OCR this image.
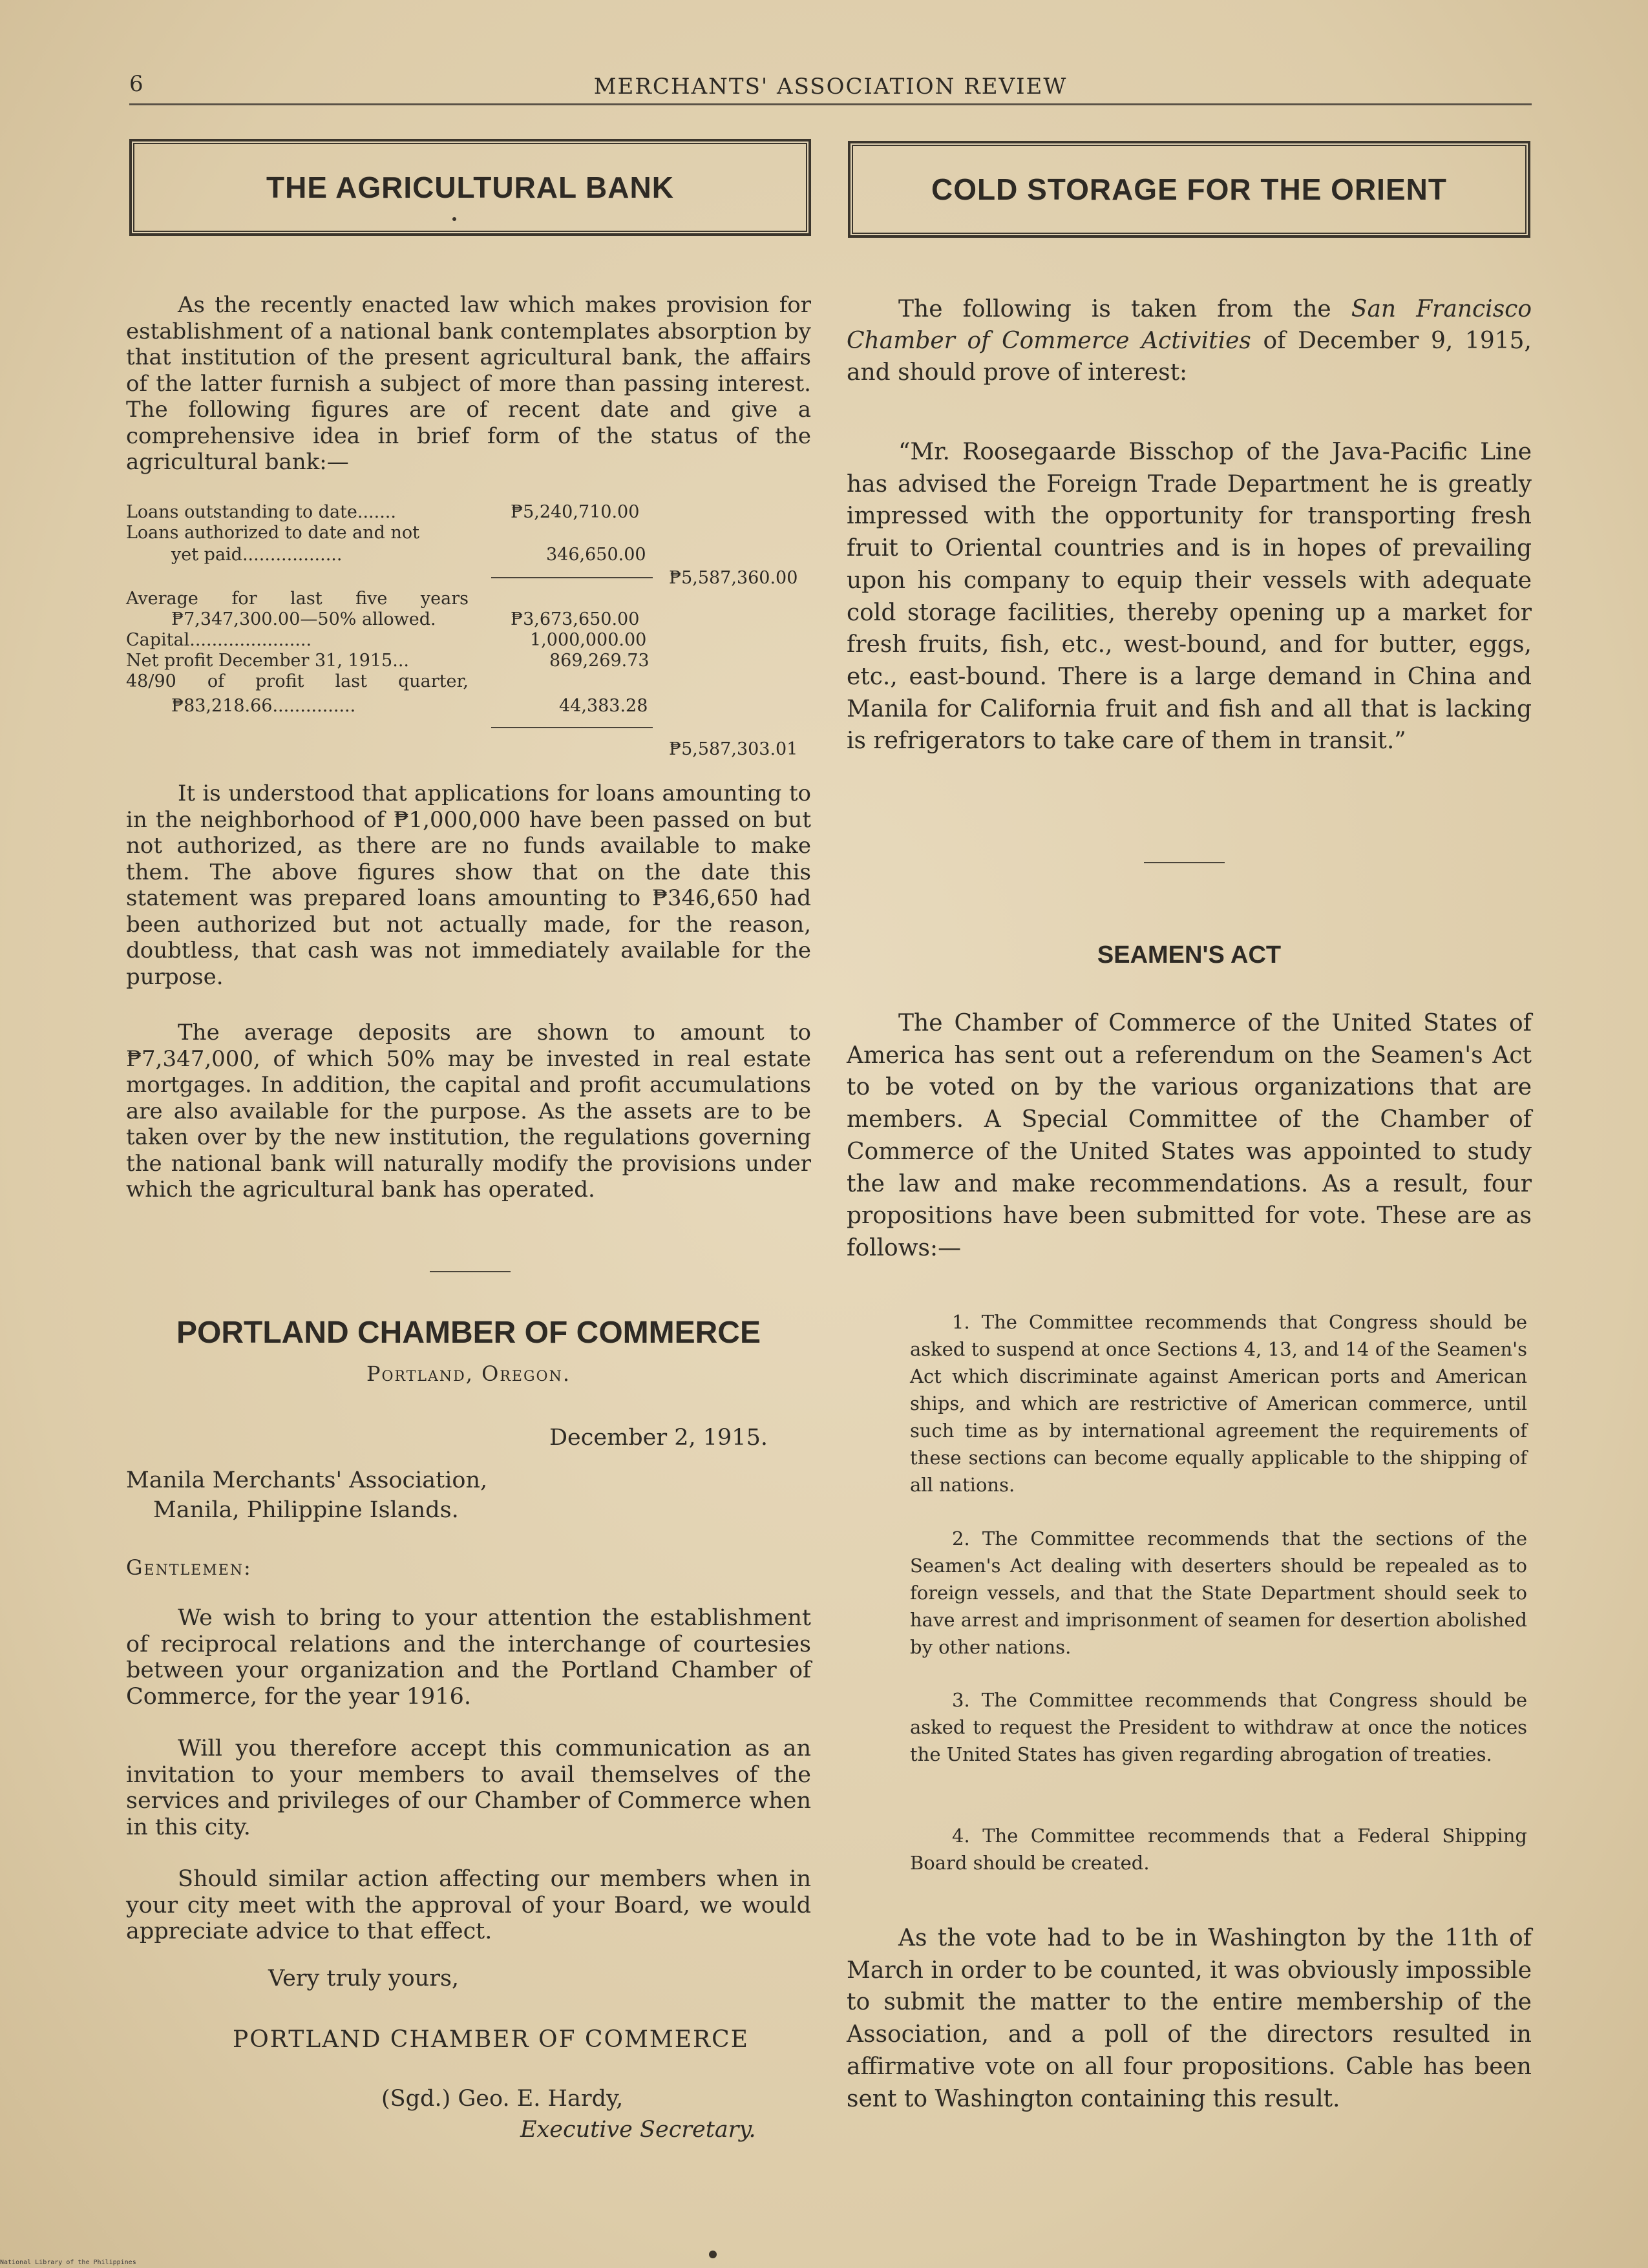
6	MERCHANTS' ASSOCIATION REVIEW
THE AGRICULTURAL BANK

As the recently enacted law which makes provision for establishment of a national bank contemplates absorption by that institution of the present agricultural bank, the affairs of the latter furnish a subject of more than passing interest. The following figures are of recent date and give a comprehensive idea in brief form of the status of the agricultural bank:—

Loans outstanding to date.......	₱5,240,710.00
Loans authorized to date and not
yet paid..................	346,650.00
₱5,587,360.00
Average for last five years
₱7,347,300.00—50% allowed.	₱3,673,650.00
Capital......................	1,000,000.00
Net profit December 31, 1915...	869,269.73
48/90 of profit last quarter,
₱83,218.66...............	44,383.28
₱5,587,303.01

It is understood that applications for loans amounting to in the neighborhood of ₱1,000,000 have been passed on but not authorized, as there are no funds available to make them. The above figures show that on the date this statement was prepared loans amounting to ₱346,650 had been authorized but not actually made, for the reason, doubtless, that cash was not immediately available for the purpose.

The average deposits are shown to amount to ₱7,347,000, of which 50% may be invested in real estate mortgages. In addition, the capital and profit accumulations are also available for the purpose. As the assets are to be taken over by the new institution, the regulations governing the national bank will naturally modify the provisions under which the agricultural bank has operated.

PORTLAND CHAMBER OF COMMERCE
Portland, Oregon.
December 2, 1915.
Manila Merchants' Association,
Manila, Philippine Islands.
Gentlemen:

We wish to bring to your attention the establishment of reciprocal relations and the interchange of courtesies between your organization and the Portland Chamber of Commerce, for the year 1916.

Will you therefore accept this communication as an invitation to your members to avail themselves of the services and privileges of our Chamber of Commerce when in this city.

Should similar action affecting our members when in your city meet with the approval of your Board, we would appreciate advice to that effect.

Very truly yours,
PORTLAND CHAMBER OF COMMERCE
(Sgd.) Geo. E. Hardy,
Executive Secretary.
COLD STORAGE FOR THE ORIENT

The following is taken from the San Francisco Chamber of Commerce Activities of December 9, 1915, and should prove of interest:

“Mr. Roosegaarde Bisschop of the Java-Pacific Line has advised the Foreign Trade Department he is greatly impressed with the opportunity for transporting fresh fruit to Oriental countries and is in hopes of prevailing upon his company to equip their vessels with adequate cold storage facilities, thereby opening up a market for fresh fruits, fish, etc., west-bound, and for butter, eggs, etc., east-bound. There is a large demand in China and Manila for California fruit and fish and all that is lacking is refrigerators to take care of them in transit.”

SEAMEN'S ACT

The Chamber of Commerce of the United States of America has sent out a referendum on the Seamen's Act to be voted on by the various organizations that are members. A Special Committee of the Chamber of Commerce of the United States was appointed to study the law and make recommendations. As a result, four propositions have been submitted for vote. These are as follows:—

1. The Committee recommends that Congress should be asked to suspend at once Sections 4, 13, and 14 of the Seamen's Act which discriminate against American ports and American ships, and which are restrictive of American commerce, until such time as by international agreement the requirements of these sections can become equally applicable to the shipping of all nations.

2. The Committee recommends that the sections of the Seamen's Act dealing with deserters should be repealed as to foreign vessels, and that the State Department should seek to have arrest and imprisonment of seamen for desertion abolished by other nations.

3. The Committee recommends that Congress should be asked to request the President to withdraw at once the notices the United States has given regarding abrogation of treaties.

4. The Committee recommends that a Federal Shipping Board should be created.

As the vote had to be in Washington by the 11th of March in order to be counted, it was obviously impossible to submit the matter to the entire membership of the Association, and a poll of the directors resulted in affirmative vote on all four propositions. Cable has been sent to Washington containing this result.

National Library of the Philippines
